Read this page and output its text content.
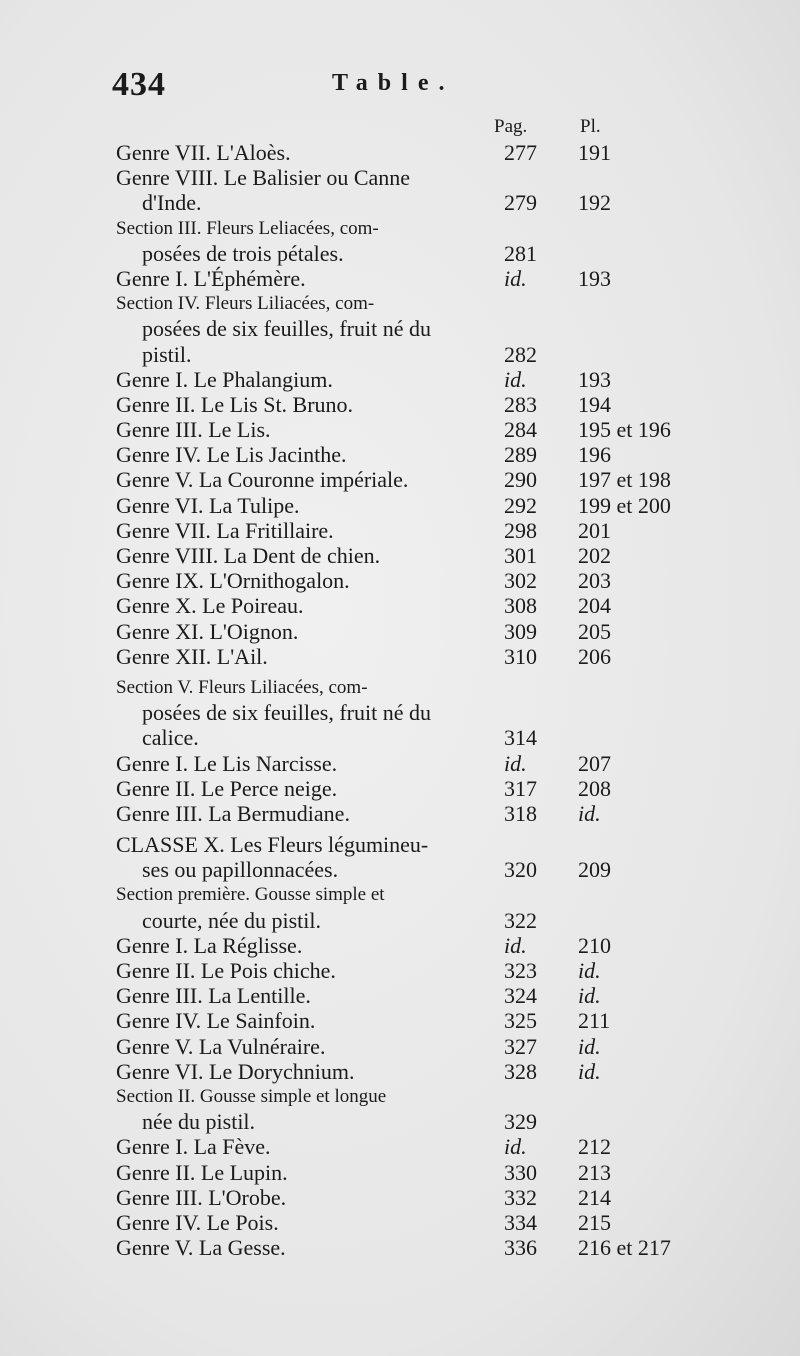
434	Table.
Pag.	Pl.
Genre VII. L'Aloès.	277	191
Genre VIII. Le Balisier ou Canne
d'Inde.	279	192
Section III. Fleurs Leliacées, com-
posées de trois pétales.	281
Genre I. L'Éphémère.	id.	193
Section IV. Fleurs Liliacées, com-
posées de six feuilles, fruit né du
pistil.	282
Genre I. Le Phalangium.	id.	193
Genre II. Le Lis St. Bruno.	283	194
Genre III. Le Lis.	284	195 et 196
Genre IV. Le Lis Jacinthe.	289	196
Genre V. La Couronne impériale.	290	197 et 198
Genre VI. La Tulipe.	292	199 et 200
Genre VII. La Fritillaire.	298	201
Genre VIII. La Dent de chien.	301	202
Genre IX. L'Ornithogalon.	302	203
Genre X. Le Poireau.	308	204
Genre XI. L'Oignon.	309	205
Genre XII. L'Ail.	310	206
Section V. Fleurs Liliacées, com-
posées de six feuilles, fruit né du
calice.	314
Genre I. Le Lis Narcisse.	id.	207
Genre II. Le Perce neige.	317	208
Genre III. La Bermudiane.	318	id.
CLASSE X. Les Fleurs légumineu-
ses ou papillonnacées.	320	209
Section première. Gousse simple et
courte, née du pistil.	322
Genre I. La Réglisse.	id.	210
Genre II. Le Pois chiche.	323	id.
Genre III. La Lentille.	324	id.
Genre IV. Le Sainfoin.	325	211
Genre V. La Vulnéraire.	327	id.
Genre VI. Le Dorychnium.	328	id.
Section II. Gousse simple et longue
née du pistil.	329
Genre I. La Fève.	id.	212
Genre II. Le Lupin.	330	213
Genre III. L'Orobe.	332	214
Genre IV. Le Pois.	334	215
Genre V. La Gesse.	336	216 et 217
